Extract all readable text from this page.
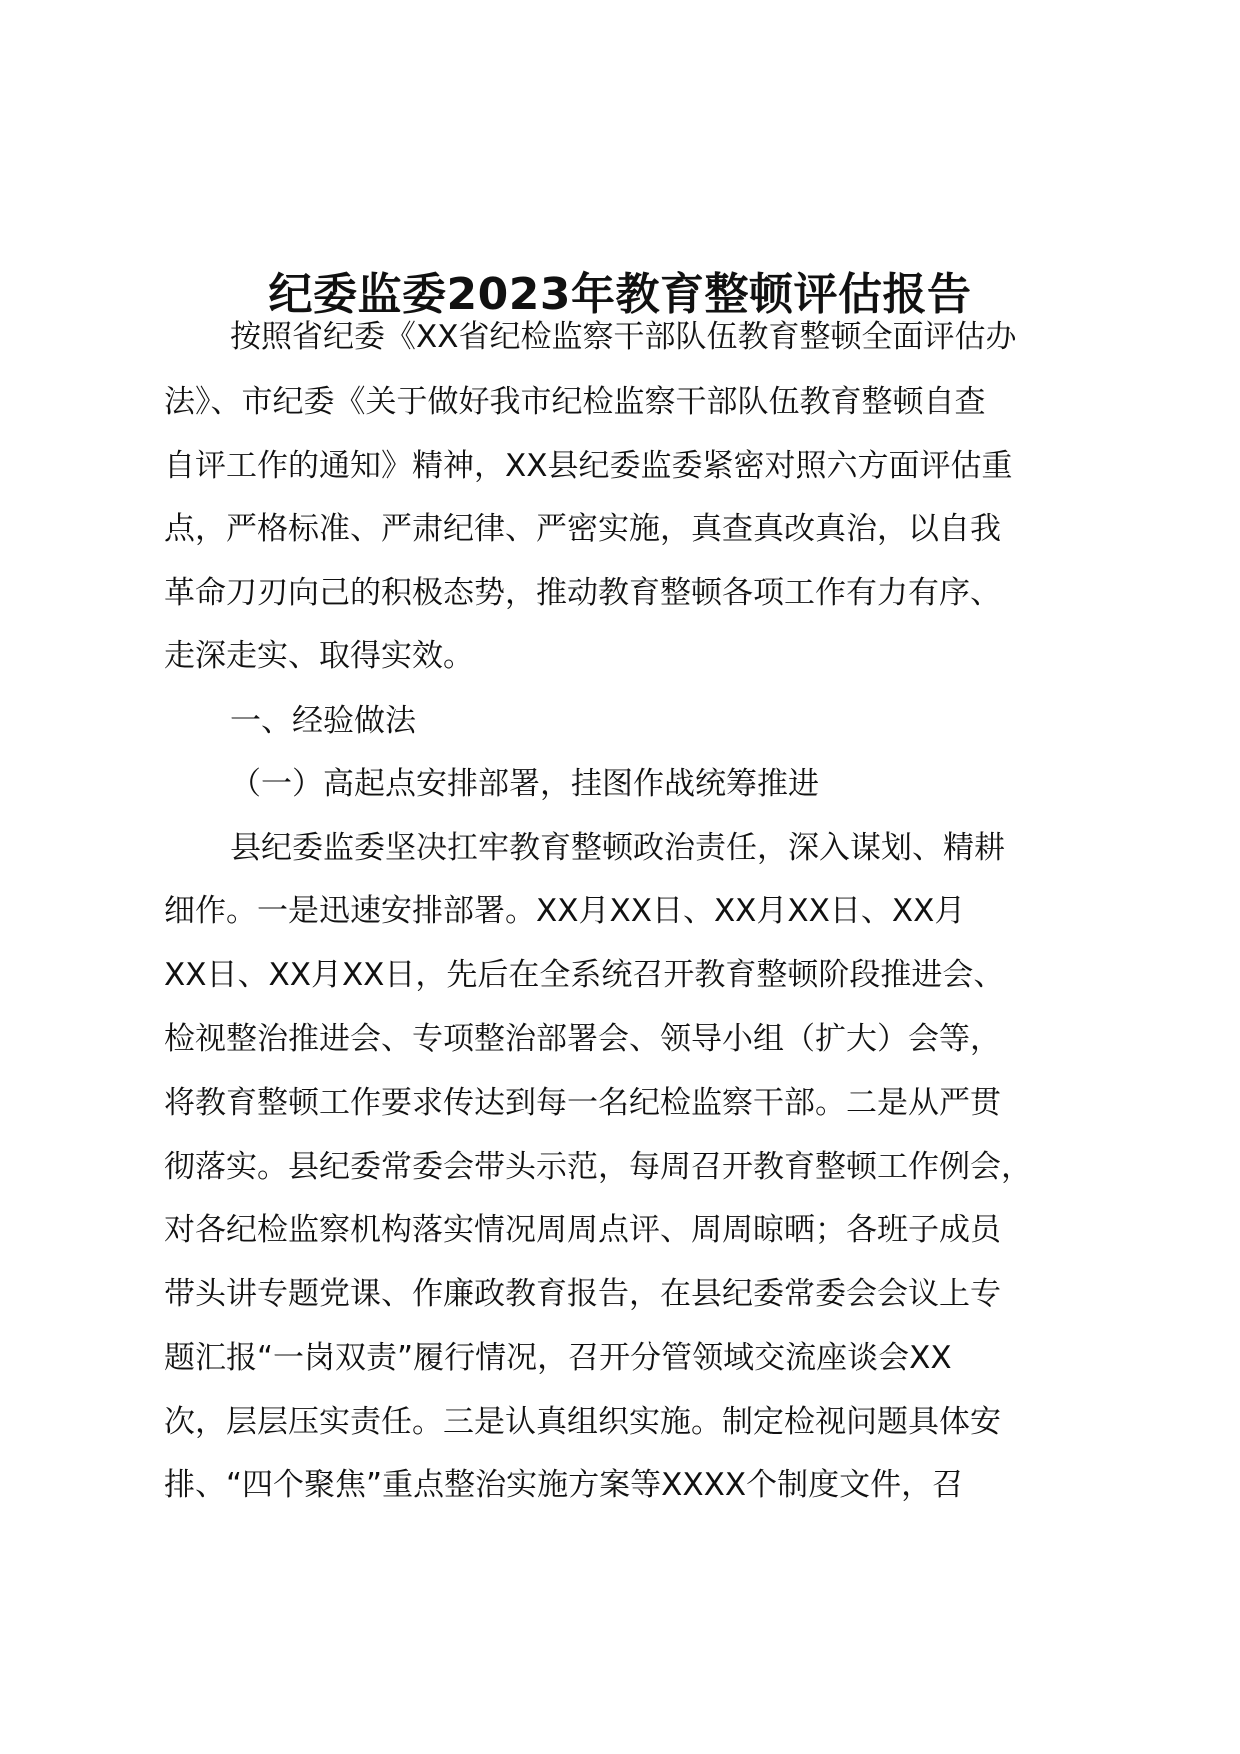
纪委监委2023年教育整顿评估报告

按照省纪委《XX省纪检监察干部队伍教育整顿全面评估办

法》、市纪委《关于做好我市纪检监察干部队伍教育整顿自查

自评工作的通知》精神，XX县纪委监委紧密对照六方面评估重

点，严格标准、严肃纪律、严密实施，真查真改真治，以自我

革命刀刃向己的积极态势，推动教育整顿各项工作有力有序、

走深走实、取得实效。

一、经验做法

（一）高起点安排部署，挂图作战统筹推进

县纪委监委坚决扛牢教育整顿政治责任，深入谋划、精耕

细作。一是迅速安排部署。XX月XX日、XX月XX日、XX月

XX日、XX月XX日，先后在全系统召开教育整顿阶段推进会、

检视整治推进会、专项整治部署会、领导小组（扩大）会等，

将教育整顿工作要求传达到每一名纪检监察干部。二是从严贯

彻落实。县纪委常委会带头示范，每周召开教育整顿工作例会，

对各纪检监察机构落实情况周周点评、周周晾晒；各班子成员

带头讲专题党课、作廉政教育报告，在县纪委常委会会议上专

题汇报“一岗双责”履行情况，召开分管领域交流座谈会XX

次，层层压实责任。三是认真组织实施。制定检视问题具体安

排、“四个聚焦”重点整治实施方案等XXXX个制度文件，召
